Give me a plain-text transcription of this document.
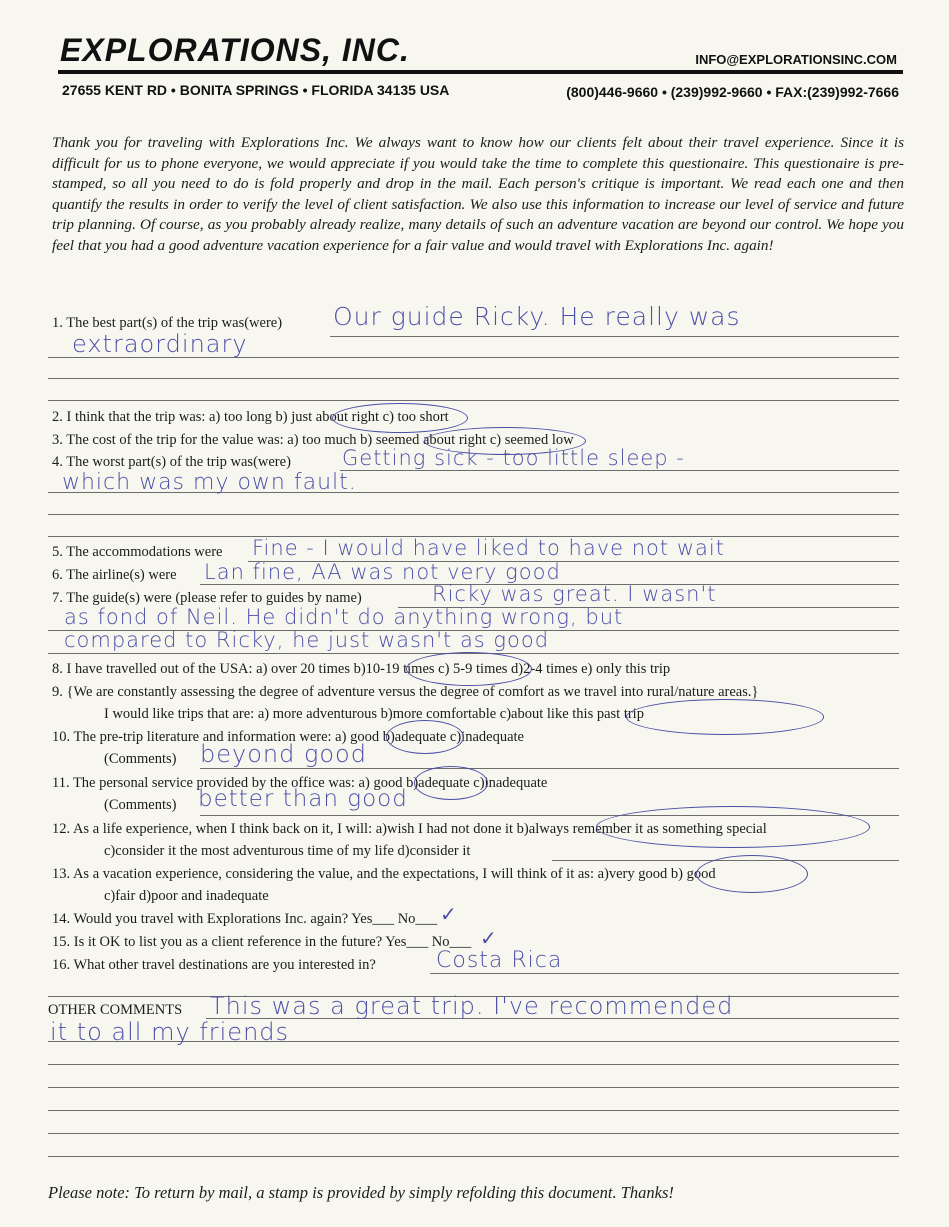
EXPLORATIONS, INC.	INFO@EXPLORATIONSINC.COM
27655 KENT RD • BONITA SPRINGS • FLORIDA 34135 USA	(800)446-9660 • (239)992-9660 • FAX:(239)992-7666
Thank you for traveling with Explorations Inc. We always want to know how our clients felt about their travel experience. Since it is difficult for us to phone everyone, we would appreciate if you would take the time to complete this questionaire. This questionaire is pre-stamped, so all you need to do is fold properly and drop in the mail. Each person's critique is important. We read each one and then quantify the results in order to verify the level of client satisfaction. We also use this information to increase our level of service and future trip planning. Of course, as you probably already realize, many details of such an adventure vacation are beyond our control. We hope you feel that you had a good adventure vacation experience for a fair value and would travel with Explorations Inc. again!
1. The best part(s) of the trip was(were)
2. I think that the trip was: a) too long b) just about right c) too short
3. The cost of the trip for the value was: a) too much b) seemed about right c) seemed low
4. The worst part(s) of the trip was(were)
5. The accommodations were
6. The airline(s) were
7. The guide(s) were (please refer to guides by name)
8. I have travelled out of the USA: a) over 20 times b)10-19 times c) 5-9 times d)2-4 times e) only this trip
9. {We are constantly assessing the degree of adventure versus the degree of comfort as we travel into rural/nature areas.}
I would like trips that are: a) more adventurous b)more comfortable c)about like this past trip
10. The pre-trip literature and information were: a) good b)adequate c)inadequate
(Comments)
11. The personal service provided by the office was: a) good b)adequate c)inadequate
(Comments)
12. As a life experience, when I think back on it, I will: a)wish I had not done it b)always remember it as something special
c)consider it the most adventurous time of my life d)consider it
13. As a vacation experience, considering the value, and the expectations, I will think of it as: a)very good b) good
c)fair d)poor and inadequate
14. Would you travel with Explorations Inc. again? Yes___ No___
15. Is it OK to list you as a client reference in the future? Yes___ No___
16. What other travel destinations are you interested in?
OTHER COMMENTS
Our guide Ricky. He really was
extraordinary
Getting sick - too little sleep -
which was my own fault.
Fine - I would have liked to have not wait
Lan fine, AA was not very good
Ricky was great. I wasn't
as fond of Neil. He didn't do anything wrong, but
compared to Ricky, he just wasn't as good
beyond good
better than good
Costa Rica
This was a great trip. I've recommended
it to all my friends
✓
✓
Please note: To return by mail, a stamp is provided by simply refolding this document. Thanks!
